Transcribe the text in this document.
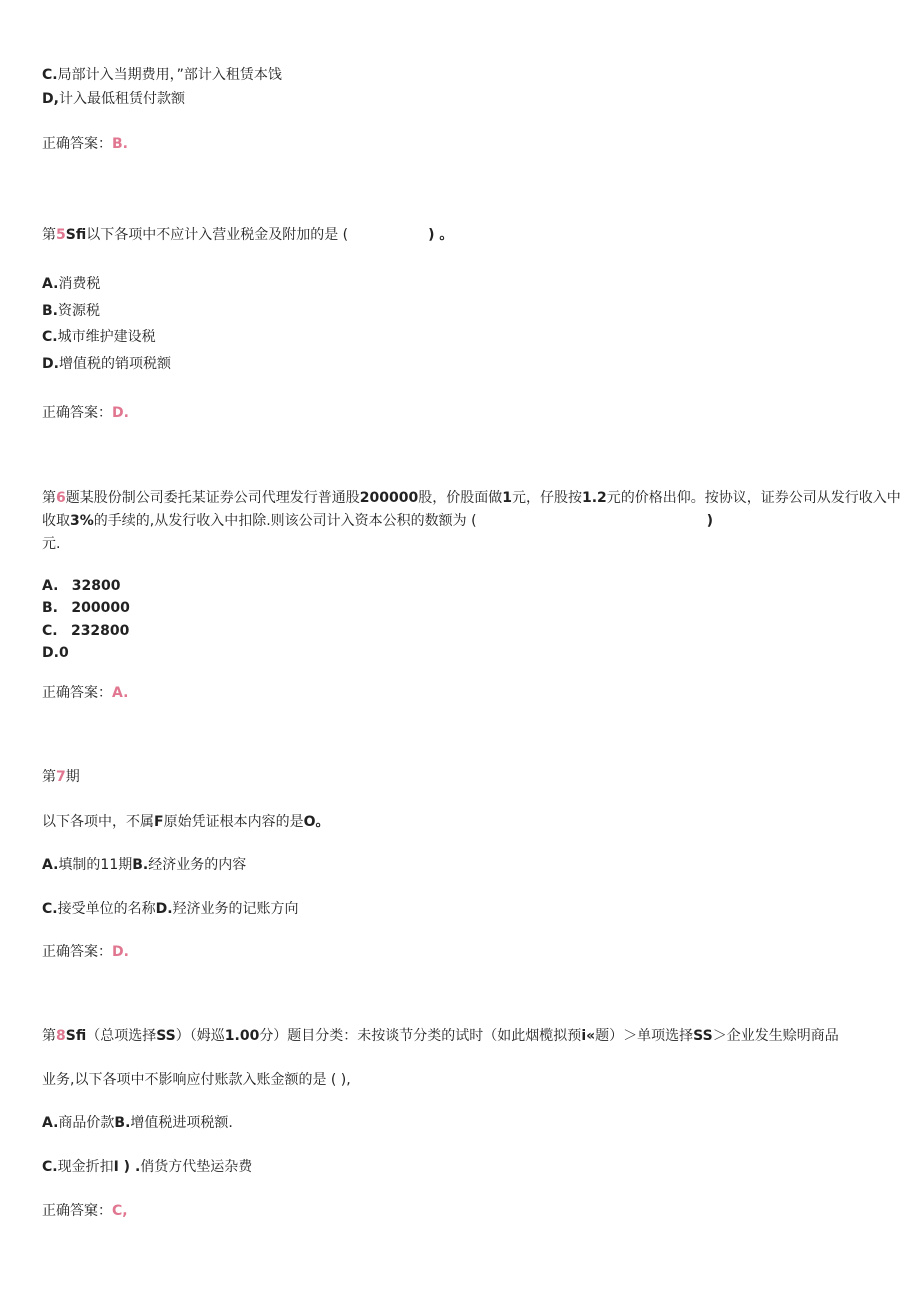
C.局部计入当期费用，”部计入租赁本饯
D,计入最低租赁付款额
正确答案：B.
第5Sfi以下各项中不应计入营业税金及附加的是 (	) 。
A.消费税
B.资源税
C.城市维护建设税
D.增值税的销项税额
正确答案：D.
第6题某股份制公司委托某证券公司代理发行普通股200000股，价股面做1元，仔股按1.2元的价格出仰。按协议，证券公司从发行收入中收取3%的手续的,从发行收入中扣除.则该公司计入资本公积的数额为 (	)
元.
A. 32800
B. 200000
C. 232800
D.0
正确答案：A.
第7期
以下各项中，不属F原始凭证根本内容的是O。
A.填制的11期B.经济业务的内容
C.接受单位的名称D.羟济业务的记账方向
正确答案：D.
第8Sfi（总项选择SS）（姆巡1.00分）题目分类：未按谈节分类的试时（如此烟榄拟预i«题）＞单项选择SS＞企业发生赊明商品
业务,以下各项中不影响应付账款入账金额的是 ( ),
A.商品价款B.增值税进项税额.
C.现金折扣I ) .俏货方代垫运杂费
正确答窠：C,
